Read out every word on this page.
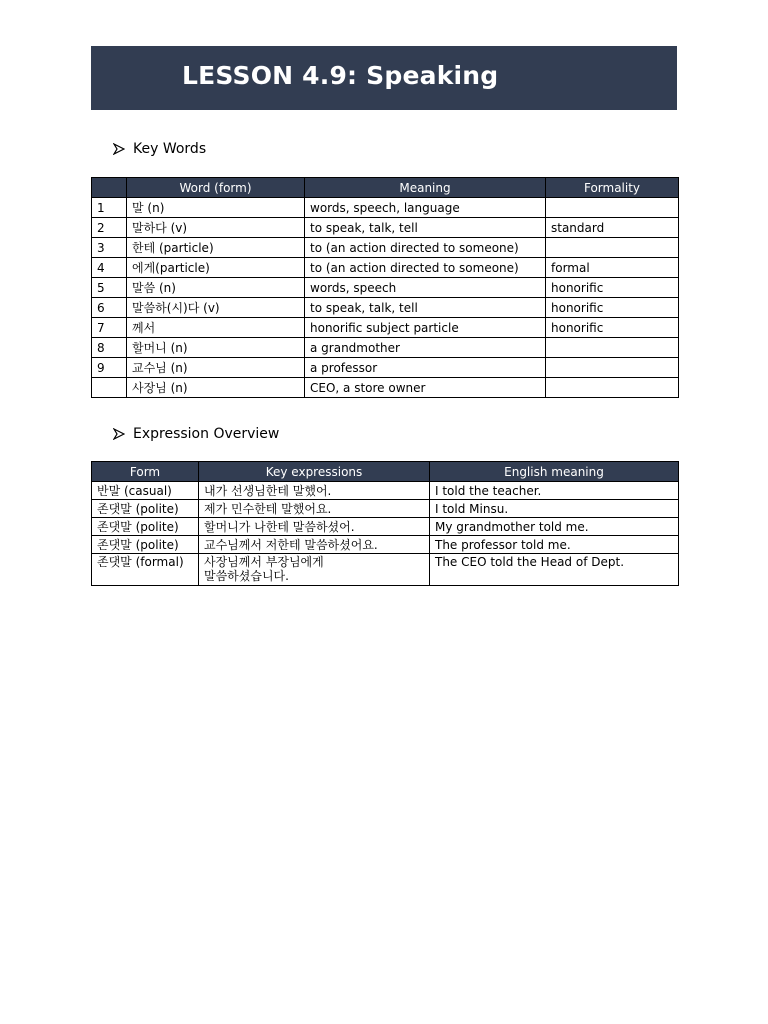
LESSON 4.9: Speaking
Key Words
	Word (form)	Meaning	Formality
1	말 (n)	words, speech, language	
2	말하다 (v)	to speak, talk, tell	standard
3	한테 (particle)	to (an action directed to someone)	
4	에게(particle)	to (an action directed to someone)	formal
5	말씀 (n)	words, speech	honorific
6	말씀하(시)다 (v)	to speak, talk, tell	honorific
7	께서	honorific subject particle	honorific
8	할머니 (n)	a grandmother	
9	교수님 (n)	a professor	
	사장님 (n)	CEO, a store owner	
Expression Overview
Form	Key expressions	English meaning
반말 (casual)	내가 선생님한테 말했어.	I told the teacher.
존댓말 (polite)	제가 민수한테 말했어요.	I told Minsu.
존댓말 (polite)	할머니가 나한테 말씀하셨어.	My grandmother told me.
존댓말 (polite)	교수님께서 저한테 말씀하셨어요.	The professor told me.
존댓말 (formal)	사장님께서 부장님에게
말씀하셨습니다.	The CEO told the Head of Dept.
